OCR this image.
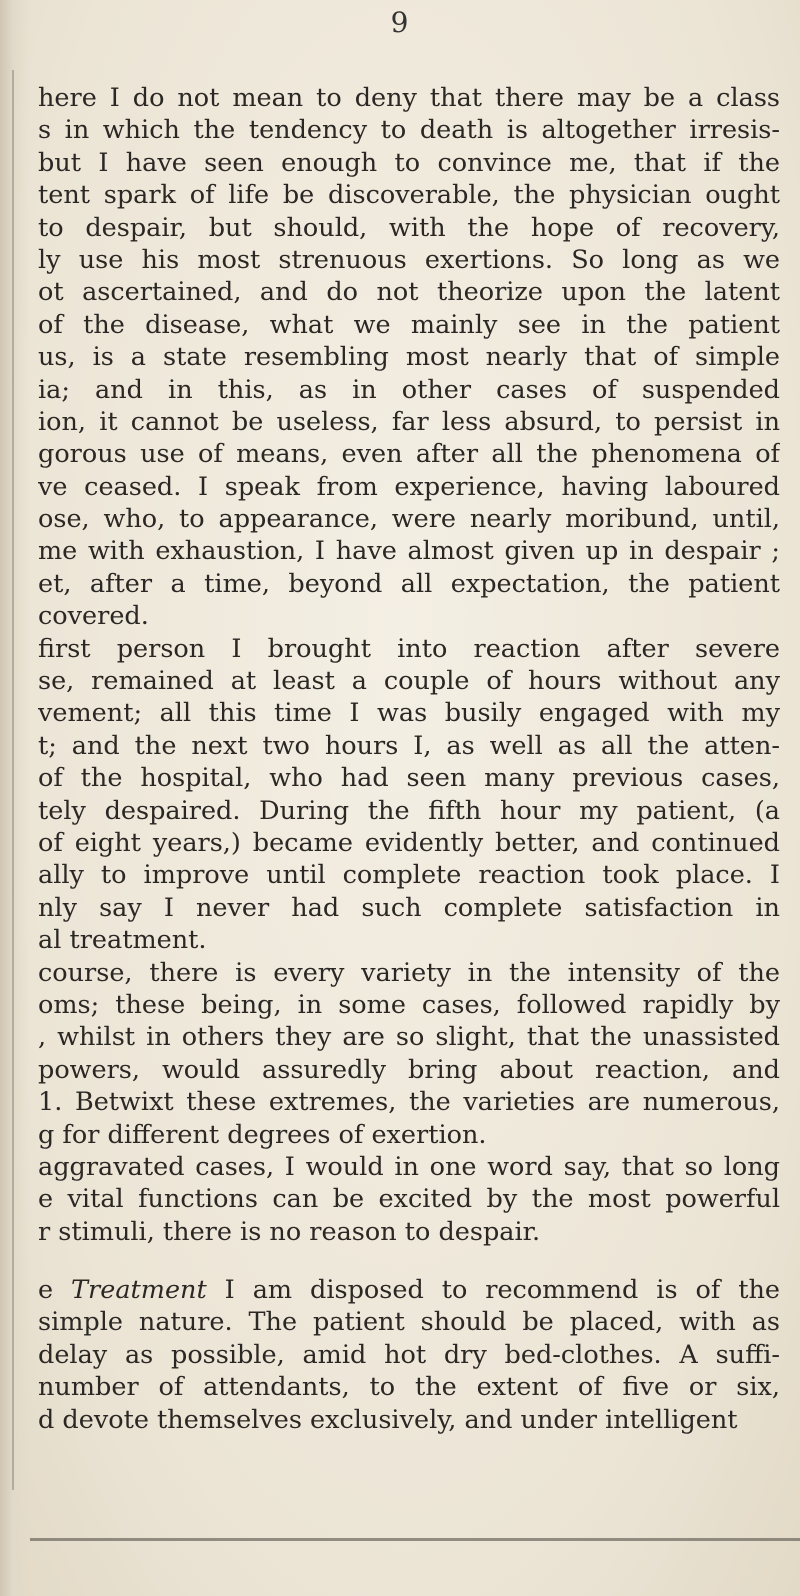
9
here I do not mean to deny that there may be a class
s in which the tendency to death is altogether irresis-
but I have seen enough to convince me, that if the
tent spark of life be discoverable, the physician ought
to despair, but should, with the hope of recovery,
ly use his most strenuous exertions. So long as we
ot ascertained, and do not theorize upon the latent
of the disease, what we mainly see in the patient
us, is a state resembling most nearly that of simple
ia; and in this, as in other cases of suspended
ion, it cannot be useless, far less absurd, to persist in
gorous use of means, even after all the phenomena of
ve ceased. I speak from experience, having laboured
ose, who, to appearance, were nearly moribund, until,
me with exhaustion, I have almost given up in despair ;
et, after a time, beyond all expectation, the patient
covered.
first person I brought into reaction after severe
se, remained at least a couple of hours without any
vement; all this time I was busily engaged with my
t; and the next two hours I, as well as all the atten-
of the hospital, who had seen many previous cases,
tely despaired. During the fifth hour my patient, (a
of eight years,) became evidently better, and continued
ally to improve until complete reaction took place. I
nly say I never had such complete satisfaction in
al treatment.
course, there is every variety in the intensity of the
oms; these being, in some cases, followed rapidly by
, whilst in others they are so slight, that the unassisted
powers, would assuredly bring about reaction, and
1. Betwixt these extremes, the varieties are numerous,
g for different degrees of exertion.
aggravated cases, I would in one word say, that so long
e vital functions can be excited by the most powerful
r stimuli, there is no reason to despair.
e Treatment I am disposed to recommend is of the
simple nature. The patient should be placed, with as
delay as possible, amid hot dry bed-clothes. A suffi-
number of attendants, to the extent of five or six,
d devote themselves exclusively, and under intelligent
